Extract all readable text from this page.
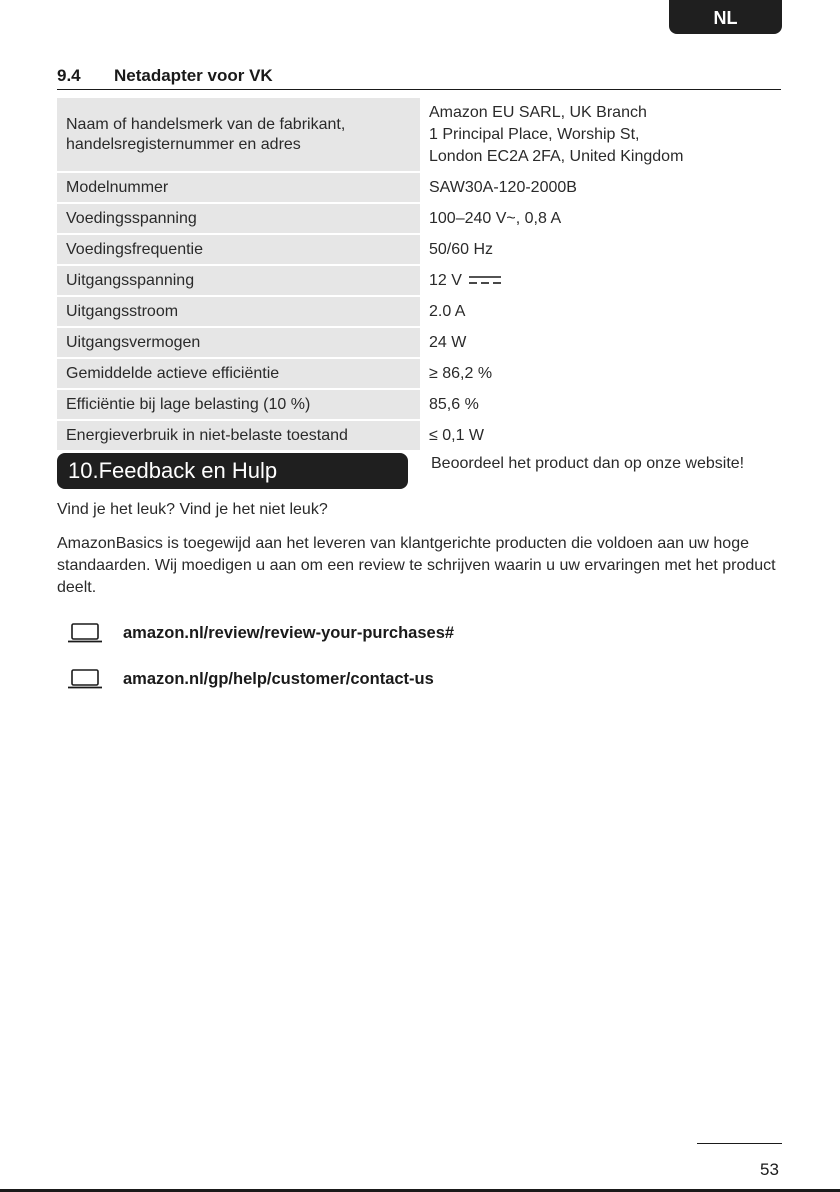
NL
9.4	Netadapter voor VK
Naam of handelsmerk van de fabrikant,
handelsregisternummer en adres	Amazon EU SARL, UK Branch
1 Principal Place, Worship St,
London EC2A 2FA, United Kingdom
Modelnummer	SAW30A-120-2000B
Voedingsspanning	100–240 V~, 0,8 A
Voedingsfrequentie	50/60 Hz
Uitgangsspanning	12 V
Uitgangsstroom	2.0 A
Uitgangsvermogen	24 W
Gemiddelde actieve efficiëntie	≥ 86,2 %
Efficiëntie bij lage belasting (10 %)	85,6 %
Energieverbruik in niet-belaste toestand	≤ 0,1 W
10.Feedback en Hulp	Beoordeel het product dan op onze website!
Vind je het leuk? Vind je het niet leuk?
AmazonBasics is toegewijd aan het leveren van klantgerichte producten die voldoen aan uw hoge standaarden. Wij moedigen u aan om een review te schrijven waarin u uw ervaringen met het product deelt.
amazon.nl/review/review-your-purchases#
amazon.nl/gp/help/customer/contact-us
53
